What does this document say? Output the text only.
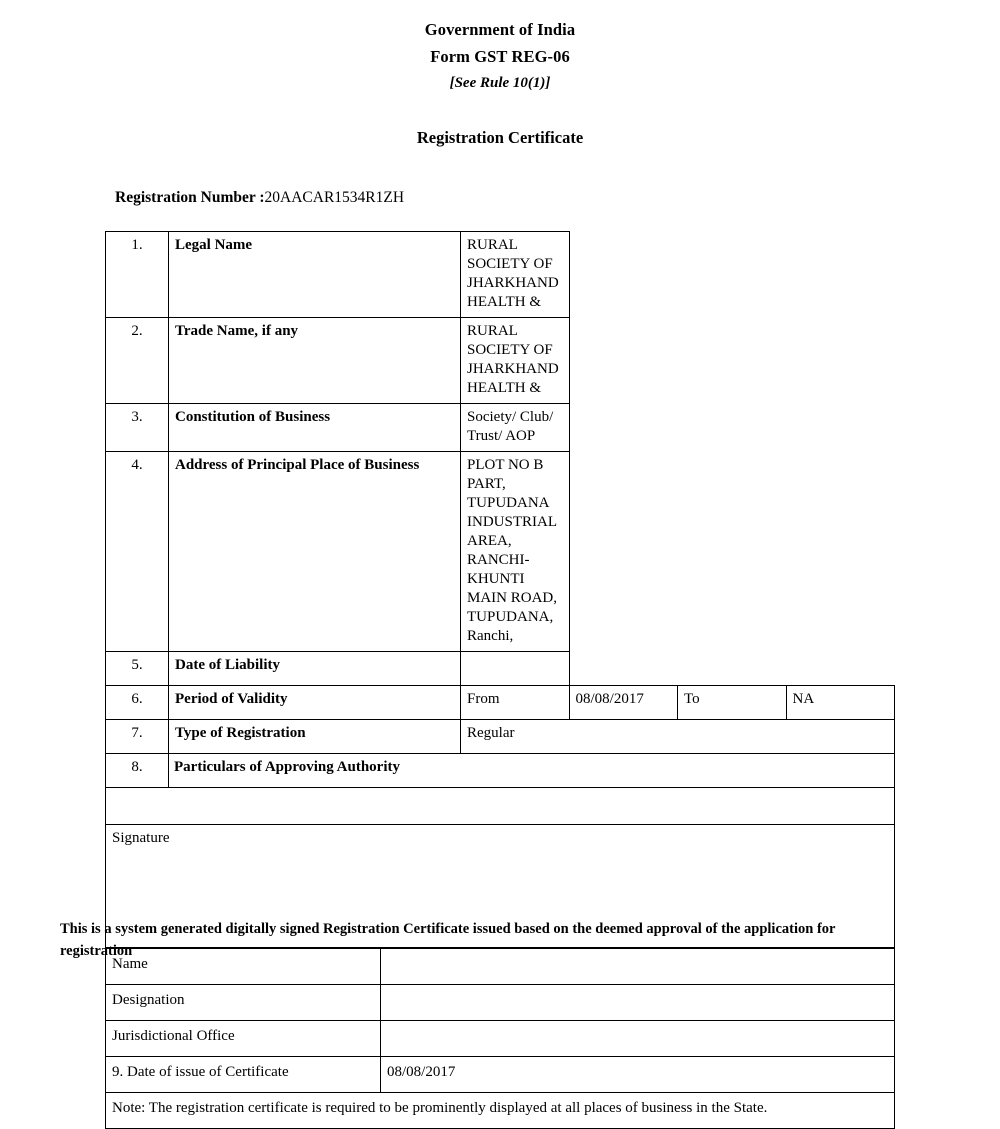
Government of India
Form GST REG-06
[See Rule 10(1)]
Registration Certificate
Registration Number :20AACAR1534R1ZH
1.	Legal Name	RURAL SOCIETY OF JHARKHAND HEALTH &			
2.	Trade Name, if any	RURAL SOCIETY OF JHARKHAND HEALTH &			
3.	Constitution of Business	Society/ Club/ Trust/ AOP			
4.	Address of Principal Place of Business	PLOT NO B PART, TUPUDANA INDUSTRIAL AREA,
RANCHI-KHUNTI MAIN ROAD, TUPUDANA, Ranchi,			

5.	Date of Liability				
6.	Period of Validity	From	08/08/2017	To	NA
7.	Type of Registration	Regular			
8.	Particulars of Approving Authority				

Signature					
Name	
Designation	
Jurisdictional Office	
9. Date of issue of Certificate	08/08/2017
Note: The registration certificate is required to be prominently displayed at all places of business in the State.	
This is a system generated digitally signed Registration Certificate issued based on the deemed approval of the application for registration
